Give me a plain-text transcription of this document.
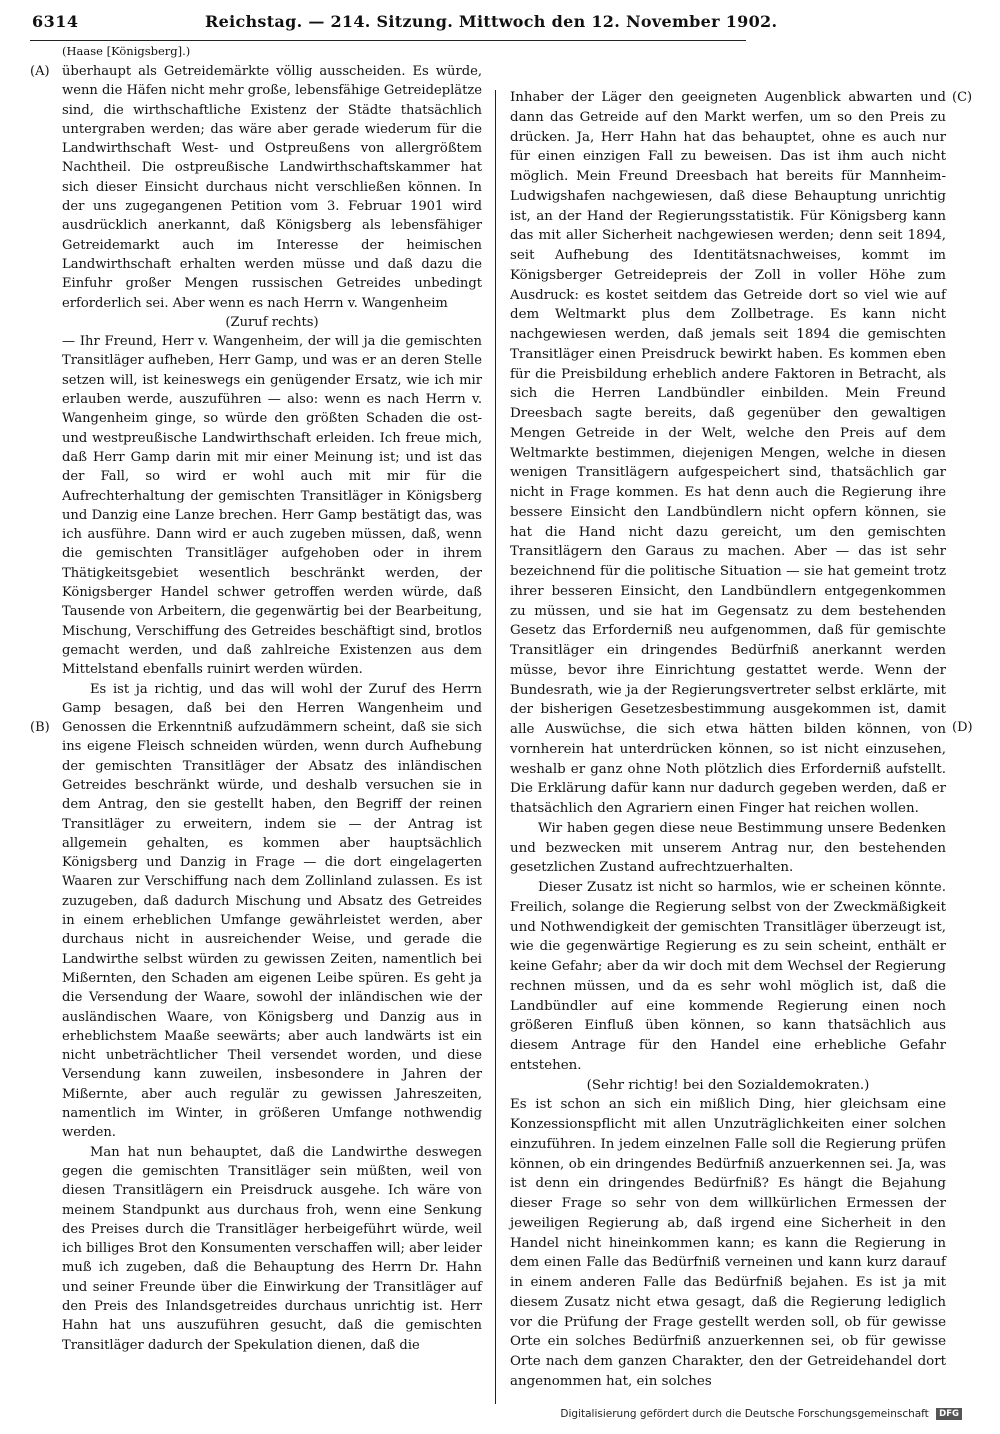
6314	Reichstag. — 214. Sitzung. Mittwoch den 12. November 1902.
(Haase [Königsberg].)
(A)
(B)
(C)
(D)

überhaupt als Getreidemärkte völlig ausscheiden. Es würde, wenn die Häfen nicht mehr große, lebensfähige Getreideplätze sind, die wirthschaftliche Existenz der Städte thatsächlich untergraben werden; das wäre aber gerade wiederum für die Landwirthschaft West- und Ostpreußens von allergrößtem Nachtheil. Die ostpreußische Landwirthschaftskammer hat sich dieser Einsicht durchaus nicht verschließen können. In der uns zugegangenen Petition vom 3. Februar 1901 wird ausdrücklich anerkannt, daß Königsberg als lebensfähiger Getreidemarkt auch im Interesse der heimischen Landwirthschaft erhalten werden müsse und daß dazu die Einfuhr großer Mengen russischen Getreides unbedingt erforderlich sei. Aber wenn es nach Herrn v. Wangenheim

(Zuruf rechts)

— Ihr Freund, Herr v. Wangenheim, der will ja die gemischten Transitläger aufheben, Herr Gamp, und was er an deren Stelle setzen will, ist keineswegs ein genügender Ersatz, wie ich mir erlauben werde, auszuführen — also: wenn es nach Herrn v. Wangenheim ginge, so würde den größten Schaden die ost- und westpreußische Landwirthschaft erleiden. Ich freue mich, daß Herr Gamp darin mit mir einer Meinung ist; und ist das der Fall, so wird er wohl auch mit mir für die Aufrechterhaltung der gemischten Transitläger in Königsberg und Danzig eine Lanze brechen. Herr Gamp bestätigt das, was ich ausführe. Dann wird er auch zugeben müssen, daß, wenn die gemischten Transitläger aufgehoben oder in ihrem Thätigkeitsgebiet wesentlich beschränkt werden, der Königsberger Handel schwer getroffen werden würde, daß Tausende von Arbeitern, die gegenwärtig bei der Bearbeitung, Mischung, Verschiffung des Getreides beschäftigt sind, brotlos gemacht werden, und daß zahlreiche Existenzen aus dem Mittelstand ebenfalls ruinirt werden würden.

Es ist ja richtig, und das will wohl der Zuruf des Herrn Gamp besagen, daß bei den Herren Wangenheim und Genossen die Erkenntniß aufzudämmern scheint, daß sie sich ins eigene Fleisch schneiden würden, wenn durch Aufhebung der gemischten Transitläger der Absatz des inländischen Getreides beschränkt würde, und deshalb versuchen sie in dem Antrag, den sie gestellt haben, den Begriff der reinen Transitläger zu erweitern, indem sie — der Antrag ist allgemein gehalten, es kommen aber hauptsächlich Königsberg und Danzig in Frage — die dort eingelagerten Waaren zur Verschiffung nach dem Zollinland zulassen. Es ist zuzugeben, daß dadurch Mischung und Absatz des Getreides in einem erheblichen Umfange gewährleistet werden, aber durchaus nicht in ausreichender Weise, und gerade die Landwirthe selbst würden zu gewissen Zeiten, namentlich bei Mißernten, den Schaden am eigenen Leibe spüren. Es geht ja die Versendung der Waare, sowohl der inländischen wie der ausländischen Waare, von Königsberg und Danzig aus in erheblichstem Maaße seewärts; aber auch landwärts ist ein nicht unbeträchtlicher Theil versendet worden, und diese Versendung kann zuweilen, insbesondere in Jahren der Mißernte, aber auch regulär zu gewissen Jahreszeiten, namentlich im Winter, in größeren Umfange nothwendig werden.

Man hat nun behauptet, daß die Landwirthe deswegen gegen die gemischten Transitläger sein müßten, weil von diesen Transitlägern ein Preisdruck ausgehe. Ich wäre von meinem Standpunkt aus durchaus froh, wenn eine Senkung des Preises durch die Transitläger herbeigeführt würde, weil ich billiges Brot den Konsumenten verschaffen will; aber leider muß ich zugeben, daß die Behauptung des Herrn Dr. Hahn und seiner Freunde über die Einwirkung der Transitläger auf den Preis des Inlandsgetreides durchaus unrichtig ist. Herr Hahn hat uns auszuführen gesucht, daß die gemischten Transitläger dadurch der Spekulation dienen, daß die

Inhaber der Läger den geeigneten Augenblick abwarten und dann das Getreide auf den Markt werfen, um so den Preis zu drücken. Ja, Herr Hahn hat das behauptet, ohne es auch nur für einen einzigen Fall zu beweisen. Das ist ihm auch nicht möglich. Mein Freund Dreesbach hat bereits für Mannheim-Ludwigshafen nachgewiesen, daß diese Behauptung unrichtig ist, an der Hand der Regierungsstatistik. Für Königsberg kann das mit aller Sicherheit nachgewiesen werden; denn seit 1894, seit Aufhebung des Identitätsnachweises, kommt im Königsberger Getreidepreis der Zoll in voller Höhe zum Ausdruck: es kostet seitdem das Getreide dort so viel wie auf dem Weltmarkt plus dem Zollbetrage. Es kann nicht nachgewiesen werden, daß jemals seit 1894 die gemischten Transitläger einen Preisdruck bewirkt haben. Es kommen eben für die Preisbildung erheblich andere Faktoren in Betracht, als sich die Herren Landbündler einbilden. Mein Freund Dreesbach sagte bereits, daß gegenüber den gewaltigen Mengen Getreide in der Welt, welche den Preis auf dem Weltmarkte bestimmen, diejenigen Mengen, welche in diesen wenigen Transitlägern aufgespeichert sind, thatsächlich gar nicht in Frage kommen. Es hat denn auch die Regierung ihre bessere Einsicht den Landbündlern nicht opfern können, sie hat die Hand nicht dazu gereicht, um den gemischten Transitlägern den Garaus zu machen. Aber — das ist sehr bezeichnend für die politische Situation — sie hat gemeint trotz ihrer besseren Einsicht, den Landbündlern entgegenkommen zu müssen, und sie hat im Gegensatz zu dem bestehenden Gesetz das Erforderniß neu aufgenommen, daß für gemischte Transitläger ein dringendes Bedürfniß anerkannt werden müsse, bevor ihre Einrichtung gestattet werde. Wenn der Bundesrath, wie ja der Regierungsvertreter selbst erklärte, mit der bisherigen Gesetzesbestimmung ausgekommen ist, damit alle Auswüchse, die sich etwa hätten bilden können, von vornherein hat unterdrücken können, so ist nicht einzusehen, weshalb er ganz ohne Noth plötzlich dies Erforderniß aufstellt. Die Erklärung dafür kann nur dadurch gegeben werden, daß er thatsächlich den Agrariern einen Finger hat reichen wollen.

Wir haben gegen diese neue Bestimmung unsere Bedenken und bezwecken mit unserem Antrag nur, den bestehenden gesetzlichen Zustand aufrechtzuerhalten.

Dieser Zusatz ist nicht so harmlos, wie er scheinen könnte. Freilich, solange die Regierung selbst von der Zweckmäßigkeit und Nothwendigkeit der gemischten Transitläger überzeugt ist, wie die gegenwärtige Regierung es zu sein scheint, enthält er keine Gefahr; aber da wir doch mit dem Wechsel der Regierung rechnen müssen, und da es sehr wohl möglich ist, daß die Landbündler auf eine kommende Regierung einen noch größeren Einfluß üben können, so kann thatsächlich aus diesem Antrage für den Handel eine erhebliche Gefahr entstehen.

(Sehr richtig! bei den Sozialdemokraten.)

Es ist schon an sich ein mißlich Ding, hier gleichsam eine Konzessionspflicht mit allen Unzuträglichkeiten einer solchen einzuführen. In jedem einzelnen Falle soll die Regierung prüfen können, ob ein dringendes Bedürfniß anzuerkennen sei. Ja, was ist denn ein dringendes Bedürfniß? Es hängt die Bejahung dieser Frage so sehr von dem willkürlichen Ermessen der jeweiligen Regierung ab, daß irgend eine Sicherheit in den Handel nicht hineinkommen kann; es kann die Regierung in dem einen Falle das Bedürfniß verneinen und kann kurz darauf in einem anderen Falle das Bedürfniß bejahen. Es ist ja mit diesem Zusatz nicht etwa gesagt, daß die Regierung lediglich vor die Prüfung der Frage gestellt werden soll, ob für gewisse Orte ein solches Bedürfniß anzuerkennen sei, ob für gewisse Orte nach dem ganzen Charakter, den der Getreidehandel dort angenommen hat, ein solches

Digitalisierung gefördert durch die Deutsche Forschungsgemeinschaft DFG
